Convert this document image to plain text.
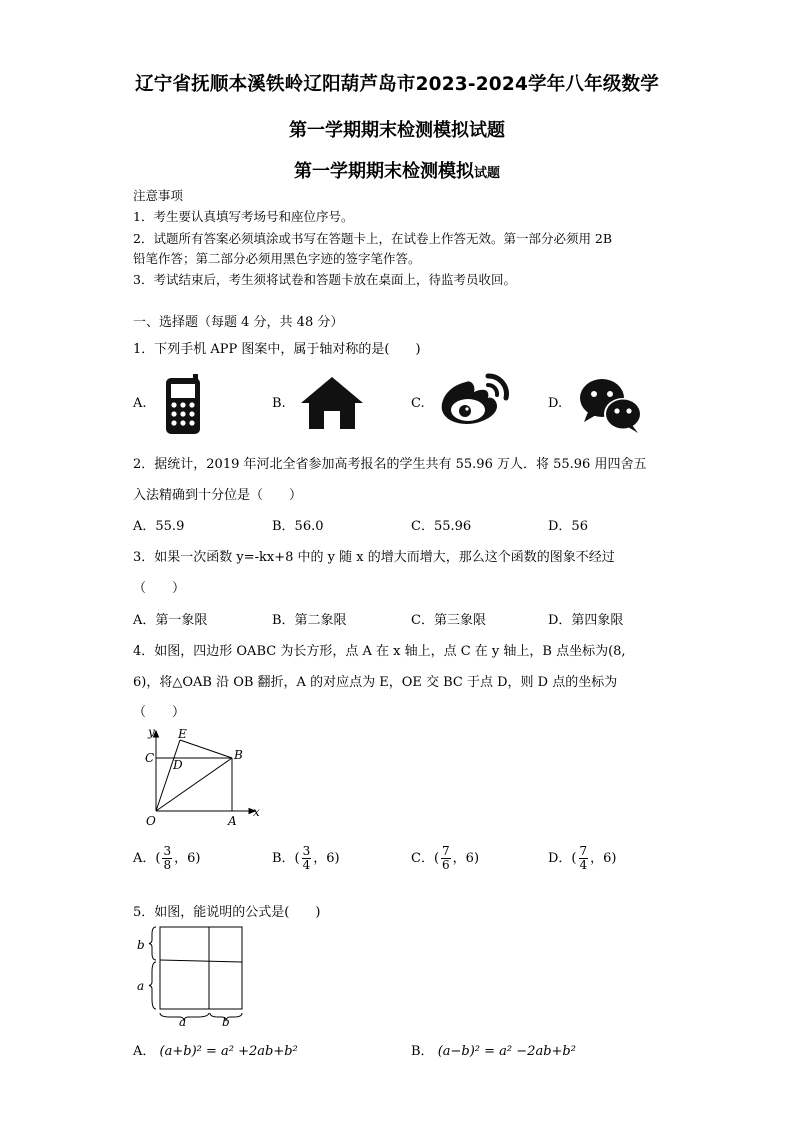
辽宁省抚顺本溪铁岭辽阳葫芦岛市2023-2024学年八年级数学
第一学期期末检测模拟试题
第一学期期末检测模拟试题
注意事项
1．考生要认真填写考场号和座位序号。
2．试题所有答案必须填涂或书写在答题卡上，在试卷上作答无效。第一部分必须用 2B
铅笔作答；第二部分必须用黑色字迹的签字笔作答。
3．考试结束后，考生须将试卷和答题卡放在桌面上，待监考员收回。
一、选择题（每题 4 分，共 48 分）
1．下列手机 APP 图案中，属于轴对称的是(　　)
A.	B.	C.	D.
2．据统计，2019 年河北全省参加高考报名的学生共有 55.96 万人．将 55.96 用四舍五
入法精确到十分位是（　　）
A．55.9	B．56.0	C．55.96	D．56
3．如果一次函数 y=-kx+8 中的 y 随 x 的增大而增大，那么这个函数的图象不经过
（　　）
A．第一象限	B．第二象限	C．第三象限	D．第四象限
4．如图，四边形 OABC 为长方形，点 A 在 x 轴上，点 C 在 y 轴上，B 点坐标为(8,
6)，将△OAB 沿 OB 翻折，A 的对应点为 E，OE 交 BC 于点 D，则 D 点的坐标为
（　　）
y E
C D
B
O	A
x
A．( $\frac{3}{8}$ ，6)	B．( $\frac{3}{4}$ ，6)	C．( $\frac{7}{6}$ ，6)	D．( $\frac{7}{4}$ ，6)
5．如图，能说明的公式是(　　)
b
a
a	b
A． (a+b)² = a² +2ab+b²	B． (a−b)² = a² −2ab+b²
